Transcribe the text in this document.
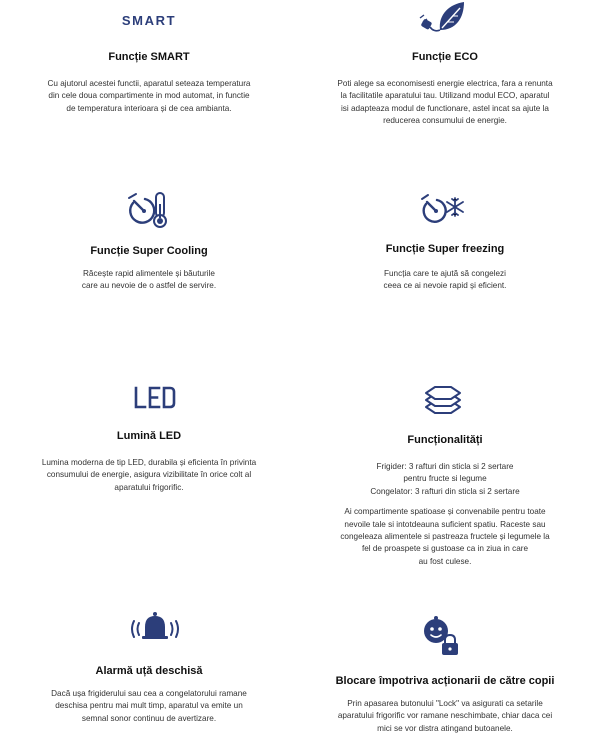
SMART
Funcție SMART
Cu ajutorul acestei functii, aparatul seteaza temperatura
din cele doua compartimente in mod automat, in functie
de temperatura interioara și de cea ambianta.
Funcție ECO
Poti alege sa economisesti energie electrica, fara a renunta
la facilitatile aparatului tau. Utilizand modul ECO, aparatul
isi adapteaza modul de functionare, astel incat sa ajute la
reducerea consumului de energie.
Funcție Super Cooling
Răcește rapid alimentele și băuturile
care au nevoie de o astfel de servire.
Funcție Super freezing
Funcția care te ajută să congelezi
ceea ce ai nevoie rapid și eficient.
Lumină LED
Lumina moderna de tip LED, durabila și eficienta în privinta
consumului de energie, asigura vizibilitate în orice colt al
aparatului frigorific.
Funcționalități
Frigider: 3 rafturi din sticla si 2 sertare
pentru fructe si legume
Congelator: 3 rafturi din sticla si 2 sertare
Ai compartimente spatioase și convenabile pentru toate
nevoile tale si intotdeauna suficient spatiu. Raceste sau
congeleaza alimentele si pastreaza fructele și legumele la
fel de proaspete si gustoase ca in ziua in care
au fost culese.
Alarmă uță deschisă
Dacă ușa frigiderului sau cea a congelatorului ramane
deschisa pentru mai mult timp, aparatul va emite un
semnal sonor continuu de avertizare.
Blocare împotriva acționarii de către copii
Prin apasarea butonului "Lock" va asigurati ca setarile
aparatului frigorific vor ramane neschimbate, chiar daca cei
mici se vor distra atingand butoanele.
